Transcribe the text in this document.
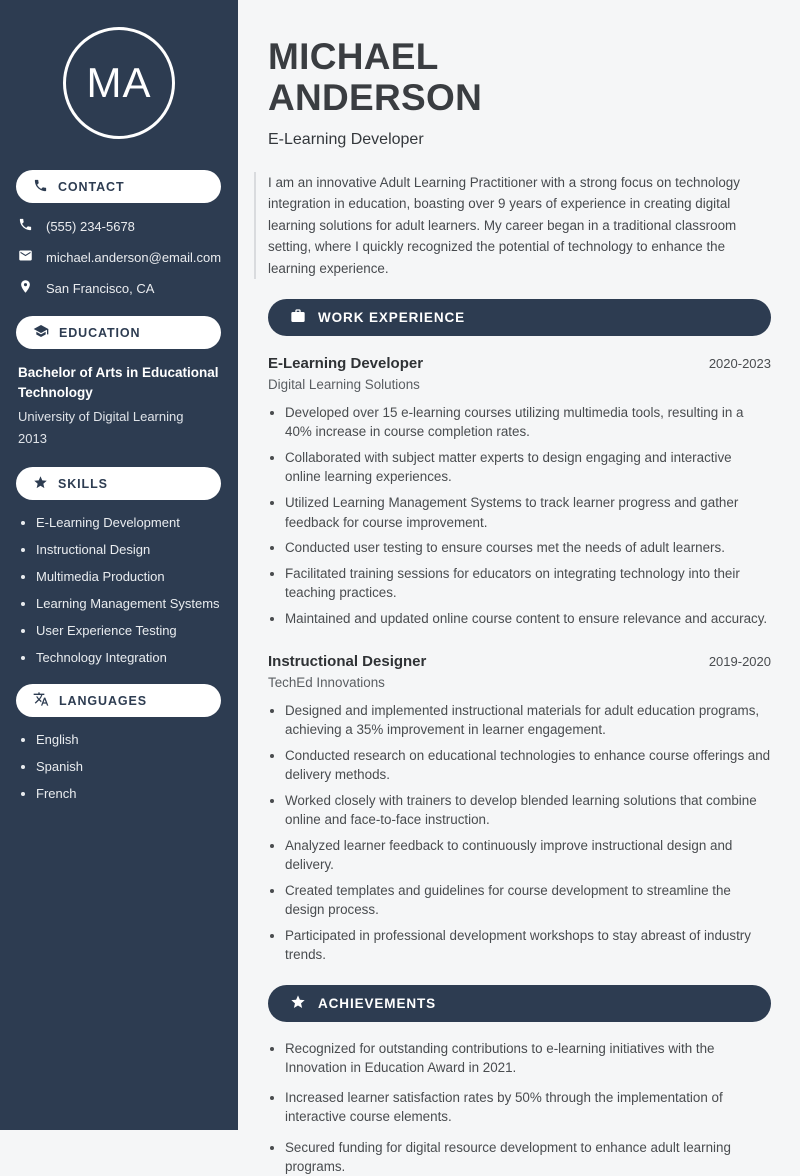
MA
CONTACT
(555) 234-5678
michael.anderson@email.com
San Francisco, CA
EDUCATION
Bachelor of Arts in Educational Technology
University of Digital Learning
2013
SKILLS
• E-Learning Development
• Instructional Design
• Multimedia Production
• Learning Management Systems
• User Experience Testing
• Technology Integration
LANGUAGES
• English
• Spanish
• French
MICHAEL
ANDERSON
E-Learning Developer

I am an innovative Adult Learning Practitioner with a strong focus on technology integration in education, boasting over 9 years of experience in creating digital learning solutions for adult learners. My career began in a traditional classroom setting, where I quickly recognized the potential of technology to enhance the learning experience.

WORK EXPERIENCE
E-Learning Developer	2020-2023
Digital Learning Solutions
• Developed over 15 e-learning courses utilizing multimedia tools, resulting in a 40% increase in course completion rates.
• Collaborated with subject matter experts to design engaging and interactive online learning experiences.
• Utilized Learning Management Systems to track learner progress and gather feedback for course improvement.
• Conducted user testing to ensure courses met the needs of adult learners.
• Facilitated training sessions for educators on integrating technology into their teaching practices.
• Maintained and updated online course content to ensure relevance and accuracy.
Instructional Designer	2019-2020
TechEd Innovations
• Designed and implemented instructional materials for adult education programs, achieving a 35% improvement in learner engagement.
• Conducted research on educational technologies to enhance course offerings and delivery methods.
• Worked closely with trainers to develop blended learning solutions that combine online and face-to-face instruction.
• Analyzed learner feedback to continuously improve instructional design and delivery.
• Created templates and guidelines for course development to streamline the design process.
• Participated in professional development workshops to stay abreast of industry trends.
ACHIEVEMENTS
• Recognized for outstanding contributions to e-learning initiatives with the Innovation in Education Award in 2021.
• Increased learner satisfaction rates by 50% through the implementation of interactive course elements.
• Secured funding for digital resource development to enhance adult learning programs.
